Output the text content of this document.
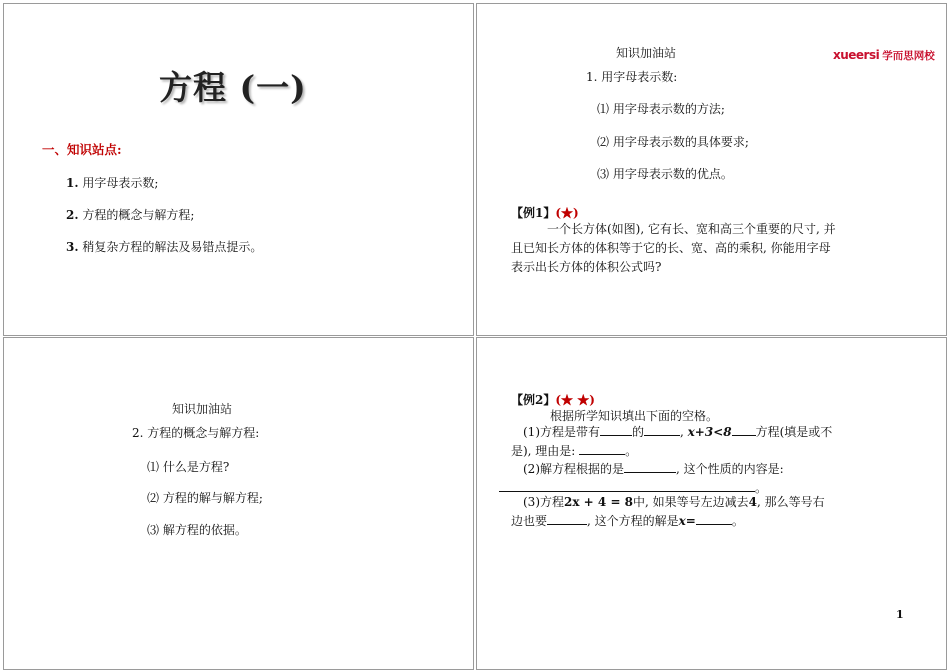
方程 (一)
一、知识站点:
1. 用字母表示数;
2. 方程的概念与解方程;
3. 稍复杂方程的解法及易错点提示。
xueersi 学而思网校
知识加油站
1. 用字母表示数:
⑴ 用字母表示数的方法;
⑵ 用字母表示数的具体要求;
⑶ 用字母表示数的优点。
【例1】(★)
一个长方体(如图), 它有长、宽和高三个重要的尺寸, 并且已知长方体的体积等于它的长、宽、高的乘积, 你能用字母表示出长方体的体积公式吗?
知识加油站
2. 方程的概念与解方程:
⑴ 什么是方程?
⑵ 方程的解与解方程;
⑶ 解方程的依据。
【例2】(★ ★)
根据所学知识填出下面的空格。
(1)方程是带有	的	, x+3<8 方程(填是或不是), 理由是:	。
(2)解方程根据的是	, 这个性质的内容是:
。
(3)方程2x + 4 = 8中, 如果等号左边减去4, 那么等号右边也要	, 这个方程的解是x=	。
1
